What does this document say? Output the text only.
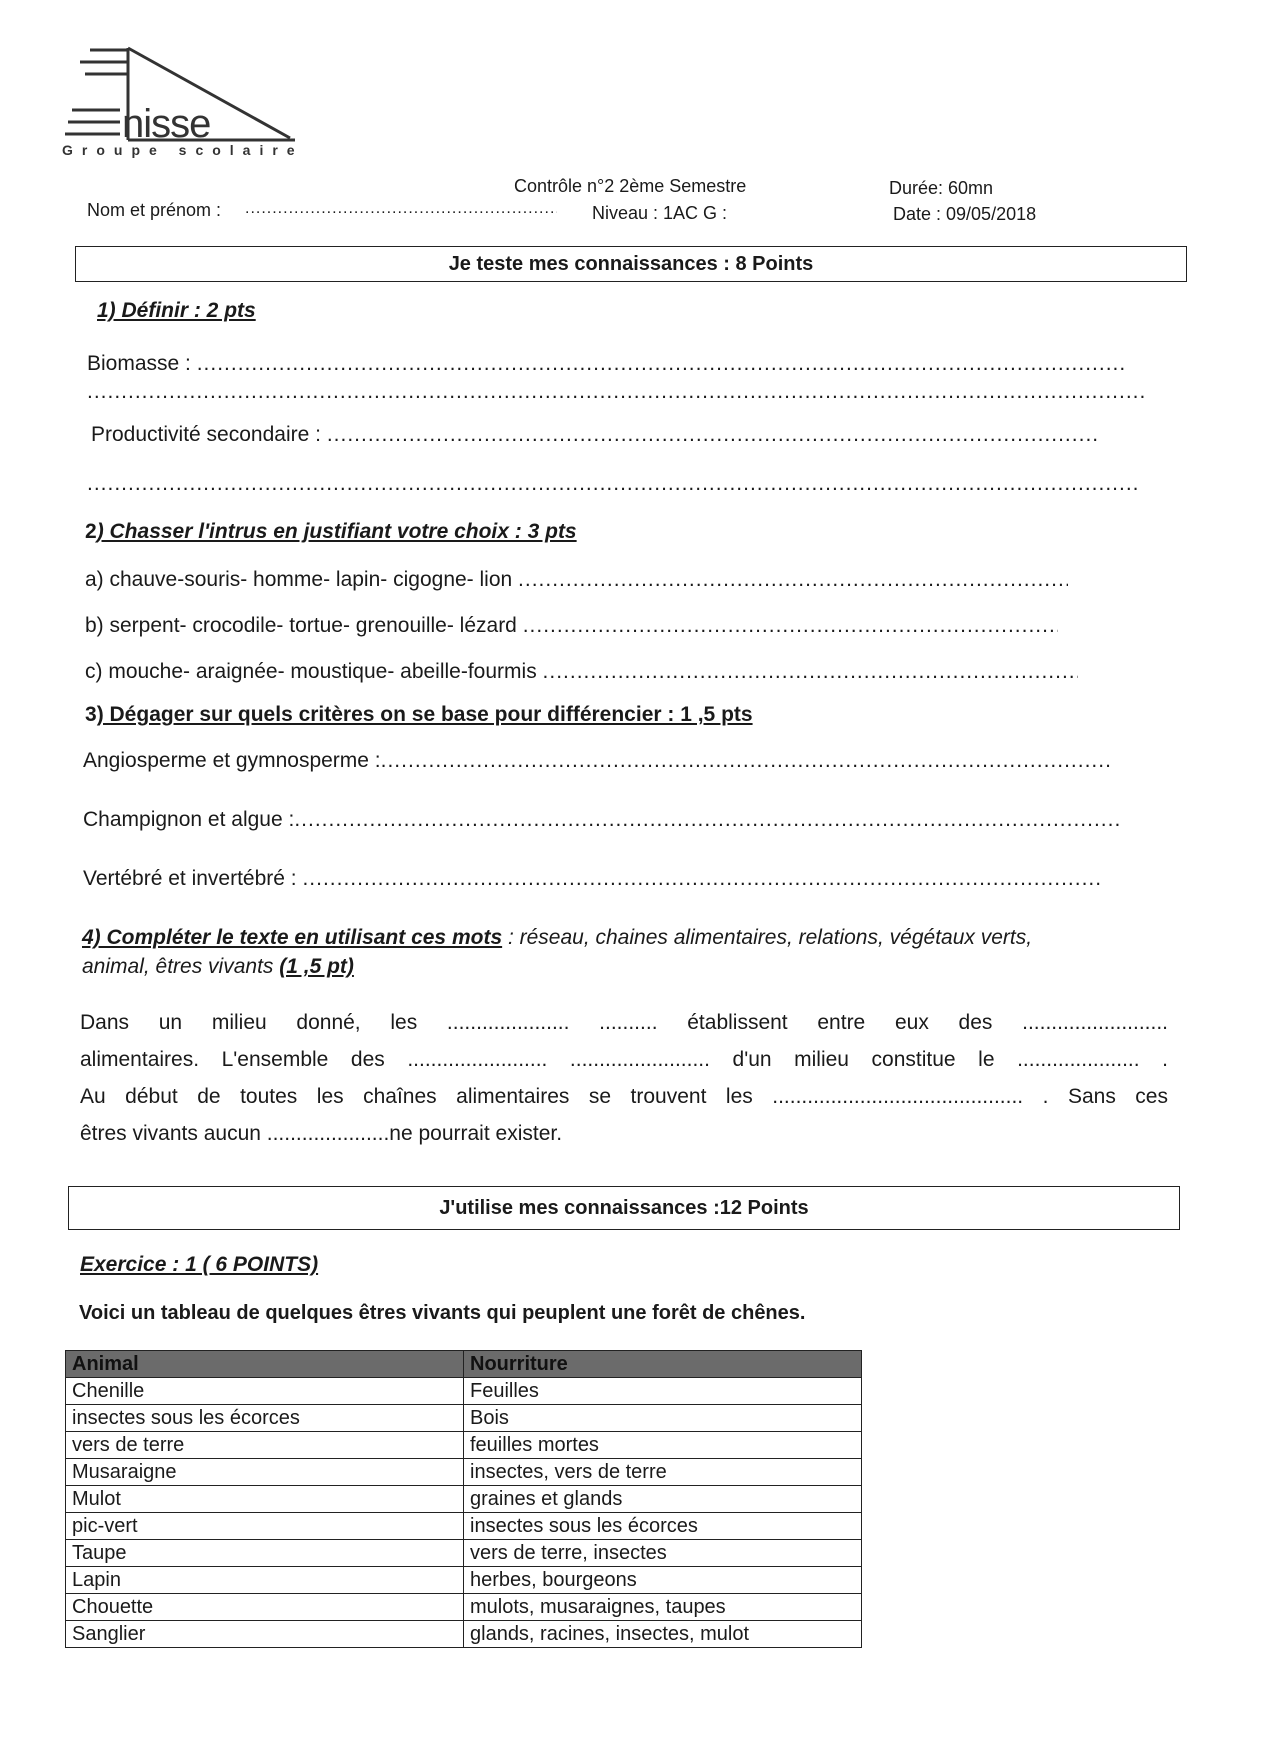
nisse
Groupe scolaire
Contrôle n°2 2ème Semestre	Durée: 60mn
Nom et prénom : .....	Niveau : 1AC G :	Date : 09/05/2018
Je teste mes connaissances : 8 Points
1) Définir : 2 pts
Biomasse : .....
.....
Productivité secondaire : .....
.....
2) Chasser l'intrus en justifiant votre choix : 3 pts
a) chauve-souris- homme- lapin- cigogne- lion .....
b) serpent- crocodile- tortue- grenouille- lézard .....
c) mouche- araignée- moustique- abeille-fourmis .....
3) Dégager sur quels critères on se base pour différencier : 1 ,5 pts
Angiosperme et gymnosperme :.....
Champignon et algue :.....
Vertébré et invertébré : .....
4) Compléter le texte en utilisant ces mots : réseau, chaines alimentaires, relations, végétaux verts,
animal, êtres vivants (1 ,5 pt)
Dans un milieu donné, les ..................... .......... établissent entre eux des .........................
alimentaires. L'ensemble des ........................ ........................ d'un milieu constitue le ..................... .
Au début de toutes les chaînes alimentaires se trouvent les ........................................... . Sans ces
êtres vivants aucun .....................ne pourrait exister.
J'utilise mes connaissances :12 Points
Exercice : 1 ( 6 POINTS)
Voici un tableau de quelques êtres vivants qui peuplent une forêt de chênes.
Animal	Nourriture
Chenille	Feuilles
insectes sous les écorces	Bois
vers de terre	feuilles mortes
Musaraigne	insectes, vers de terre
Mulot	graines et glands
pic-vert	insectes sous les écorces
Taupe	vers de terre, insectes
Lapin	herbes, bourgeons
Chouette	mulots, musaraignes, taupes
Sanglier	glands, racines, insectes, mulot
